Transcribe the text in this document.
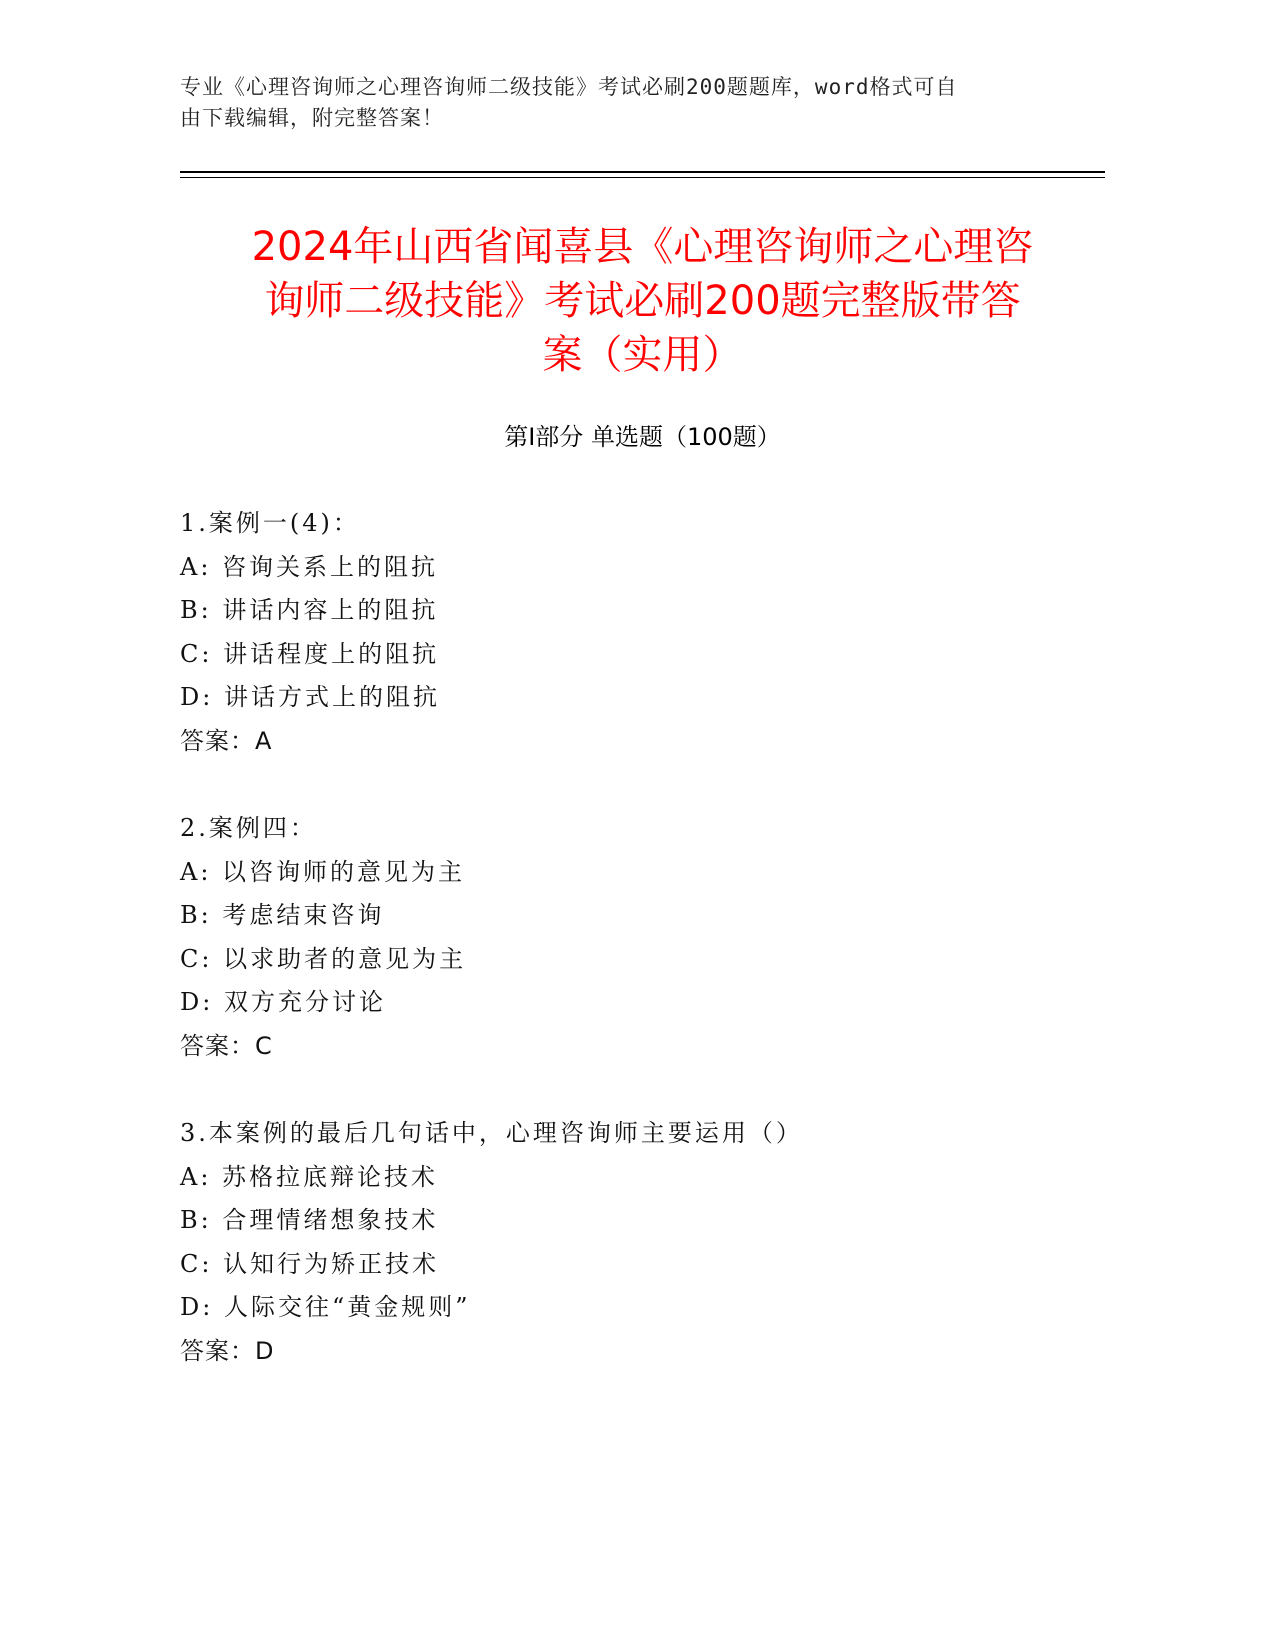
专业《心理咨询师之心理咨询师二级技能》考试必刷200题题库，word格式可自
由下载编辑，附完整答案！
2024年山西省闻喜县《心理咨询师之心理咨
询师二级技能》考试必刷200题完整版带答
案（实用）
第Ⅰ部分 单选题（100题）
1.案例一(4)：
A: 咨询关系上的阻抗
B: 讲话内容上的阻抗
C: 讲话程度上的阻抗
D: 讲话方式上的阻抗
答案：A
2.案例四：
A: 以咨询师的意见为主
B: 考虑结束咨询
C: 以求助者的意见为主
D: 双方充分讨论
答案：C
3.本案例的最后几句话中，心理咨询师主要运用（）
A: 苏格拉底辩论技术
B: 合理情绪想象技术
C: 认知行为矫正技术
D: 人际交往“黄金规则”
答案：D
